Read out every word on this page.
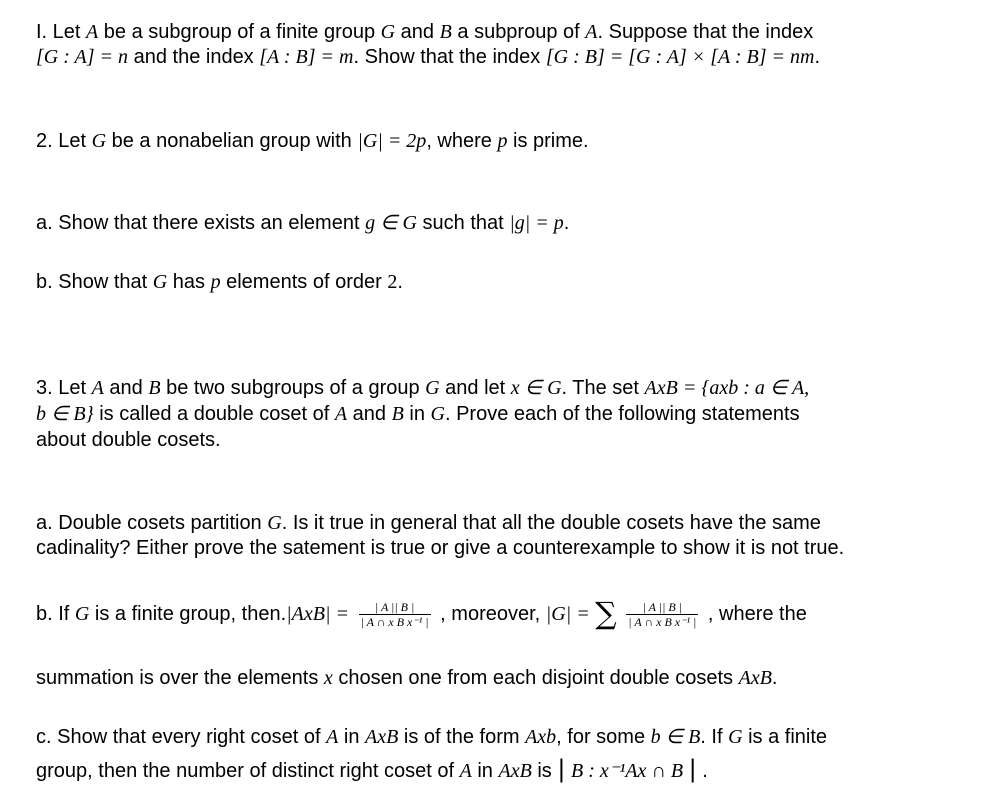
I. Let A be a subgroup of a finite group G and B a subproup of A. Suppose that the index
[G : A] = n and the index [A : B] = m. Show that the index [G : B] = [G : A] × [A : B] = nm.
2. Let G be a nonabelian group with |G| = 2p, where p is prime.
a. Show that there exists an element g ∈ G such that |g| = p.
b. Show that G has p elements of order 2.
3. Let A and B be two subgroups of a group G and let x ∈ G. The set AxB = {axb : a ∈ A,
b ∈ B} is called a double coset of A and B in G. Prove each of the following statements
about double cosets.
a. Double cosets partition G. Is it true in general that all the double cosets have the same
cadinality? Either prove the satement is true or give a counterexample to show it is not true.
b. If G is a finite group, then.|AxB| = $\frac{| A || B |}{\text{| A ∩ x B x⁻¹ |}}$ , moreover, |G| = ∑ $\frac{| A || B |}{\text{| A ∩ x B x⁻¹ |}}$ , where the
summation is over the elements x chosen one from each disjoint double cosets AxB.
c. Show that every right coset of A in AxB is of the form Axb, for some b ∈ B. If G is a finite
group, then the number of distinct right coset of A in AxB is | B : x⁻¹Ax ∩ B | .
